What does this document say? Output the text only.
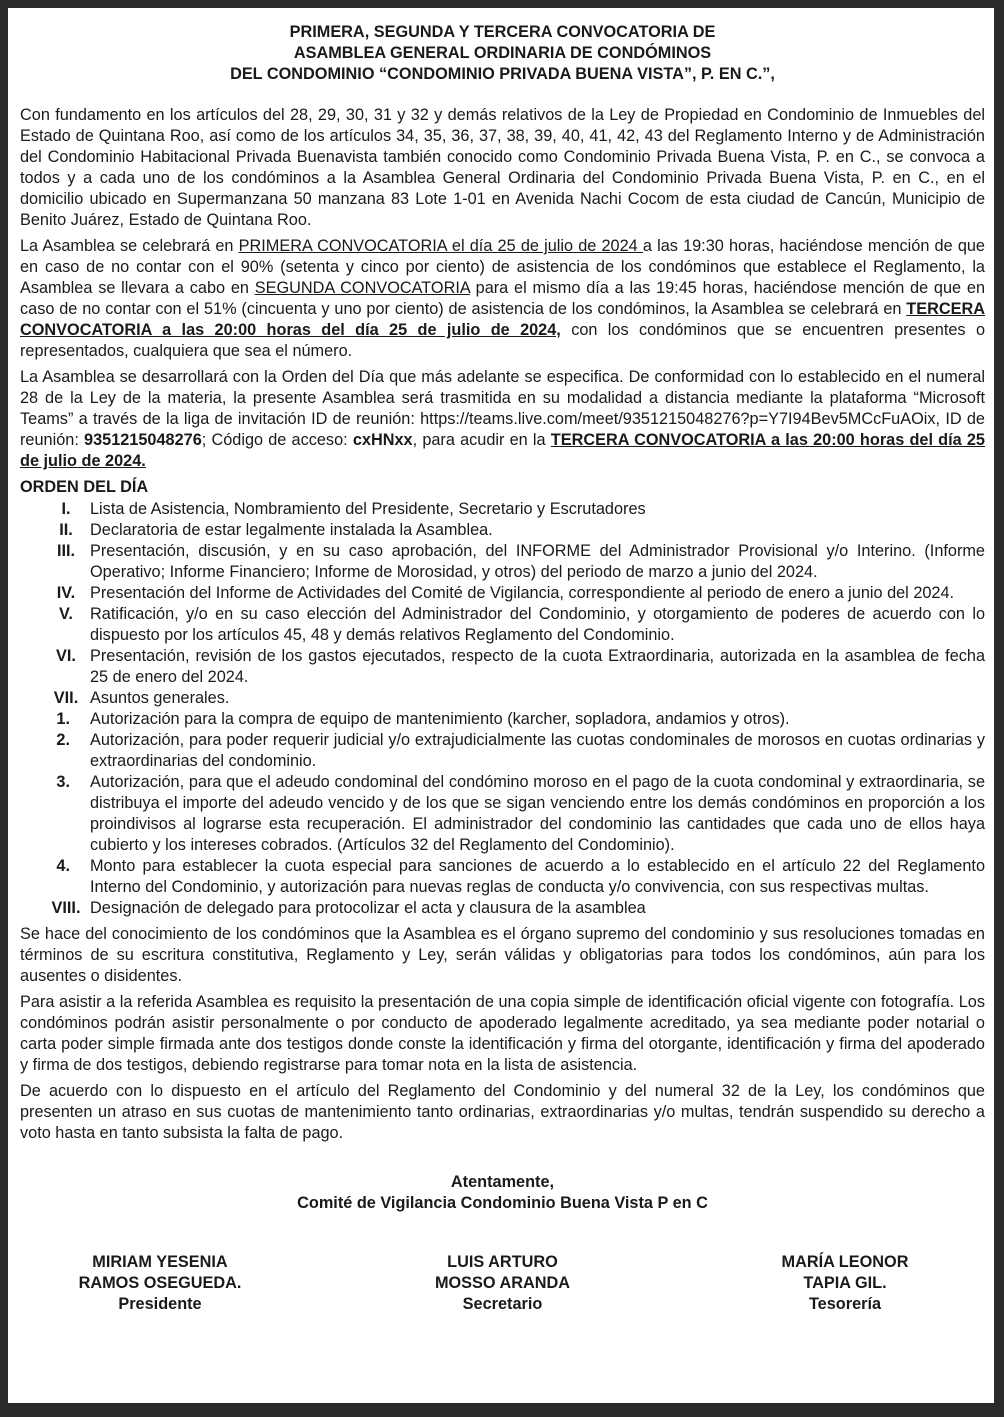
PRIMERA, SEGUNDA Y TERCERA CONVOCATORIA DE
ASAMBLEA GENERAL ORDINARIA DE CONDÓMINOS
DEL CONDOMINIO “CONDOMINIO PRIVADA BUENA VISTA”, P. EN C.”,

Con fundamento en los artículos del 28, 29, 30, 31 y 32 y demás relativos de la Ley de Propiedad en Condominio de Inmuebles del Estado de Quintana Roo, así como de los artículos 34, 35, 36, 37, 38, 39, 40, 41, 42, 43 del Reglamento Interno y de Administración del Condominio Habitacional Privada Buenavista también conocido como Condominio Privada Buena Vista, P. en C., se convoca a todos y a cada uno de los condóminos a la Asamblea General Ordinaria del Condominio Privada Buena Vista, P. en C., en el domicilio ubicado en Supermanzana 50 manzana 83 Lote 1-01 en Avenida Nachi Cocom de esta ciudad de Cancún, Municipio de Benito Juárez, Estado de Quintana Roo.

La Asamblea se celebrará en PRIMERA CONVOCATORIA el día 25 de julio de 2024 a las 19:30 horas, haciéndose mención de que en caso de no contar con el 90% (setenta y cinco por ciento) de asistencia de los condóminos que establece el Reglamento, la Asamblea se llevara a cabo en SEGUNDA CONVOCATORIA para el mismo día a las 19:45 horas, haciéndose mención de que en caso de no contar con el 51% (cincuenta y uno por ciento) de asistencia de los condóminos, la Asamblea se celebrará en TERCERA CONVOCATORIA a las 20:00 horas del día 25 de julio de 2024, con los condóminos que se encuentren presentes o representados, cualquiera que sea el número.

La Asamblea se desarrollará con la Orden del Día que más adelante se especifica. De conformidad con lo establecido en el numeral 28 de la Ley de la materia, la presente Asamblea será trasmitida en su modalidad a distancia mediante la plataforma “Microsoft Teams” a través de la liga de invitación ID de reunión: https://teams.live.com/meet/9351215048276?p=Y7I94Bev5MCcFuAOix, ID de reunión: 9351215048276; Código de acceso: cxHNxx, para acudir en la TERCERA CONVOCATORIA a las 20:00 horas del día 25 de julio de 2024.

ORDEN DEL DÍA
I.	Lista de Asistencia, Nombramiento del Presidente, Secretario y Escrutadores
II.	Declaratoria de estar legalmente instalada la Asamblea.
III. Presentación, discusión, y en su caso aprobación, del INFORME del Administrador Provisional y/o Interino. (Informe Operativo; Informe Financiero; Informe de Morosidad, y otros) del periodo de marzo a junio del 2024.
IV. Presentación del Informe de Actividades del Comité de Vigilancia, correspondiente al periodo de enero a junio del 2024.
V.	Ratificación, y/o en su caso elección del Administrador del Condominio, y otorgamiento de poderes de acuerdo con lo dispuesto por los artículos 45, 48 y demás relativos Reglamento del Condominio.
VI. Presentación, revisión de los gastos ejecutados, respecto de la cuota Extraordinaria, autorizada en la asamblea de fecha 25 de enero del 2024.
VII. Asuntos generales.
1.	Autorización para la compra de equipo de mantenimiento (karcher, sopladora, andamios y otros).
2.	Autorización, para poder requerir judicial y/o extrajudicialmente las cuotas condominales de morosos en cuotas ordinarias y extraordinarias del condominio.
3.	Autorización, para que el adeudo condominal del condómino moroso en el pago de la cuota condominal y extraordinaria, se distribuya el importe del adeudo vencido y de los que se sigan venciendo entre los demás condóminos en proporción a los proindivisos al lograrse esta recuperación. El administrador del condominio las cantidades que cada uno de ellos haya cubierto y los intereses cobrados. (Artículos 32 del Reglamento del Condominio).
4.	Monto para establecer la cuota especial para sanciones de acuerdo a lo establecido en el artículo 22 del Reglamento Interno del Condominio, y autorización para nuevas reglas de conducta y/o convivencia, con sus respectivas multas.
VIII. Designación de delegado para protocolizar el acta y clausura de la asamblea

Se hace del conocimiento de los condóminos que la Asamblea es el órgano supremo del condominio y sus resoluciones tomadas en términos de su escritura constitutiva, Reglamento y Ley, serán válidas y obligatorias para todos los condóminos, aún para los ausentes o disidentes.

Para asistir a la referida Asamblea es requisito la presentación de una copia simple de identificación oficial vigente con fotografía. Los condóminos podrán asistir personalmente o por conducto de apoderado legalmente acreditado, ya sea mediante poder notarial o carta poder simple firmada ante dos testigos donde conste la identificación y firma del otorgante, identificación y firma del apoderado y firma de dos testigos, debiendo registrarse para tomar nota en la lista de asistencia.

De acuerdo con lo dispuesto en el artículo del Reglamento del Condominio y del numeral 32 de la Ley, los condóminos que presenten un atraso en sus cuotas de mantenimiento tanto ordinarias, extraordinarias y/o multas, tendrán suspendido su derecho a voto hasta en tanto subsista la falta de pago.

Atentamente,
Comité de Vigilancia Condominio Buena Vista P en C
MIRIAM YESENIA
RAMOS OSEGUEDA.
Presidente
LUIS ARTURO
MOSSO ARANDA
Secretario
MARÍA LEONOR
TAPIA GIL.
Tesorería
